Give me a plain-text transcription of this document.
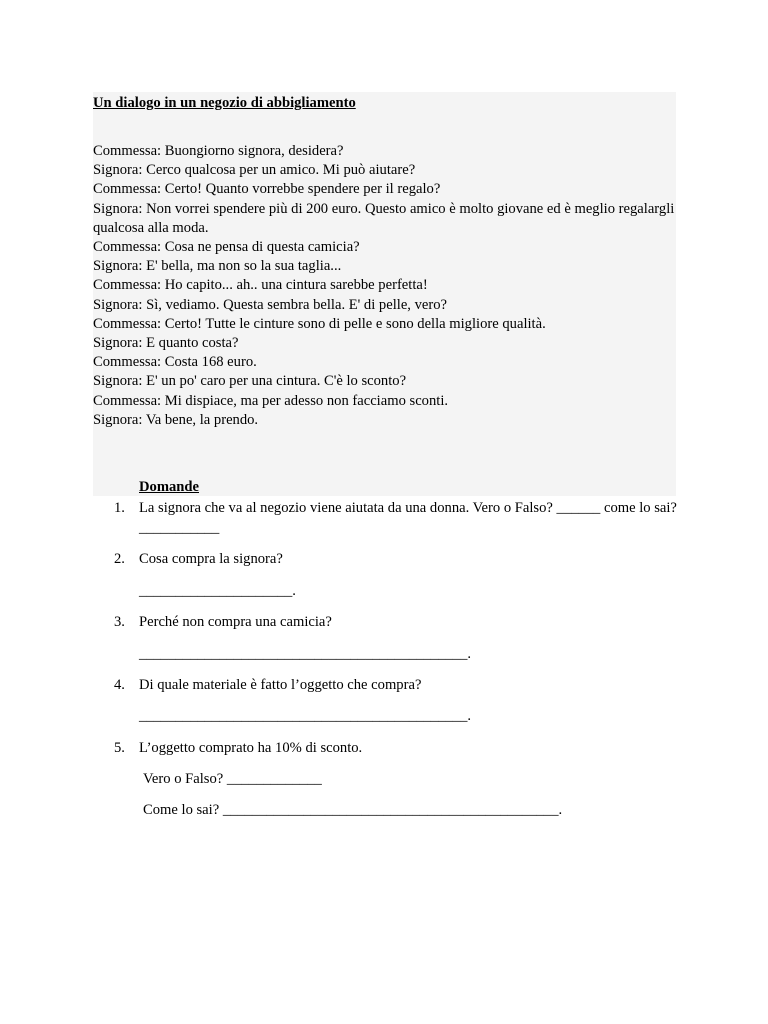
Un dialogo in un negozio di abbigliamento

Commessa: Buongiorno signora, desidera?

Signora: Cerco qualcosa per un amico. Mi può aiutare?

Commessa: Certo! Quanto vorrebbe spendere per il regalo?

Signora: Non vorrei spendere più di 200 euro. Questo amico è molto giovane ed è meglio regalargli qualcosa alla moda.

Commessa: Cosa ne pensa di questa camicia?

Signora: E' bella, ma non so la sua taglia...

Commessa: Ho capito... ah.. una cintura sarebbe perfetta!

Signora: Sì, vediamo. Questa sembra bella. E' di pelle, vero?

Commessa: Certo! Tutte le cinture sono di pelle e sono della migliore qualità.

Signora: E quanto costa?

Commessa: Costa 168 euro.

Signora: E' un po' caro per una cintura. C'è lo sconto?

Commessa: Mi dispiace, ma per adesso non facciamo sconti.

Signora: Va bene, la prendo.

Domande
1. La signora che va al negozio viene aiutata da una donna. Vero o Falso? ______ come lo sai?___________
2. Cosa compra la signora?
_____________________.
3. Perché non compra una camicia?
_____________________________________________.
4. Di quale materiale è fatto l’oggetto che compra?
_____________________________________________.
5. L’oggetto comprato ha 10% di sconto.
Vero o Falso? _____________
Come lo sai? ______________________________________________.
